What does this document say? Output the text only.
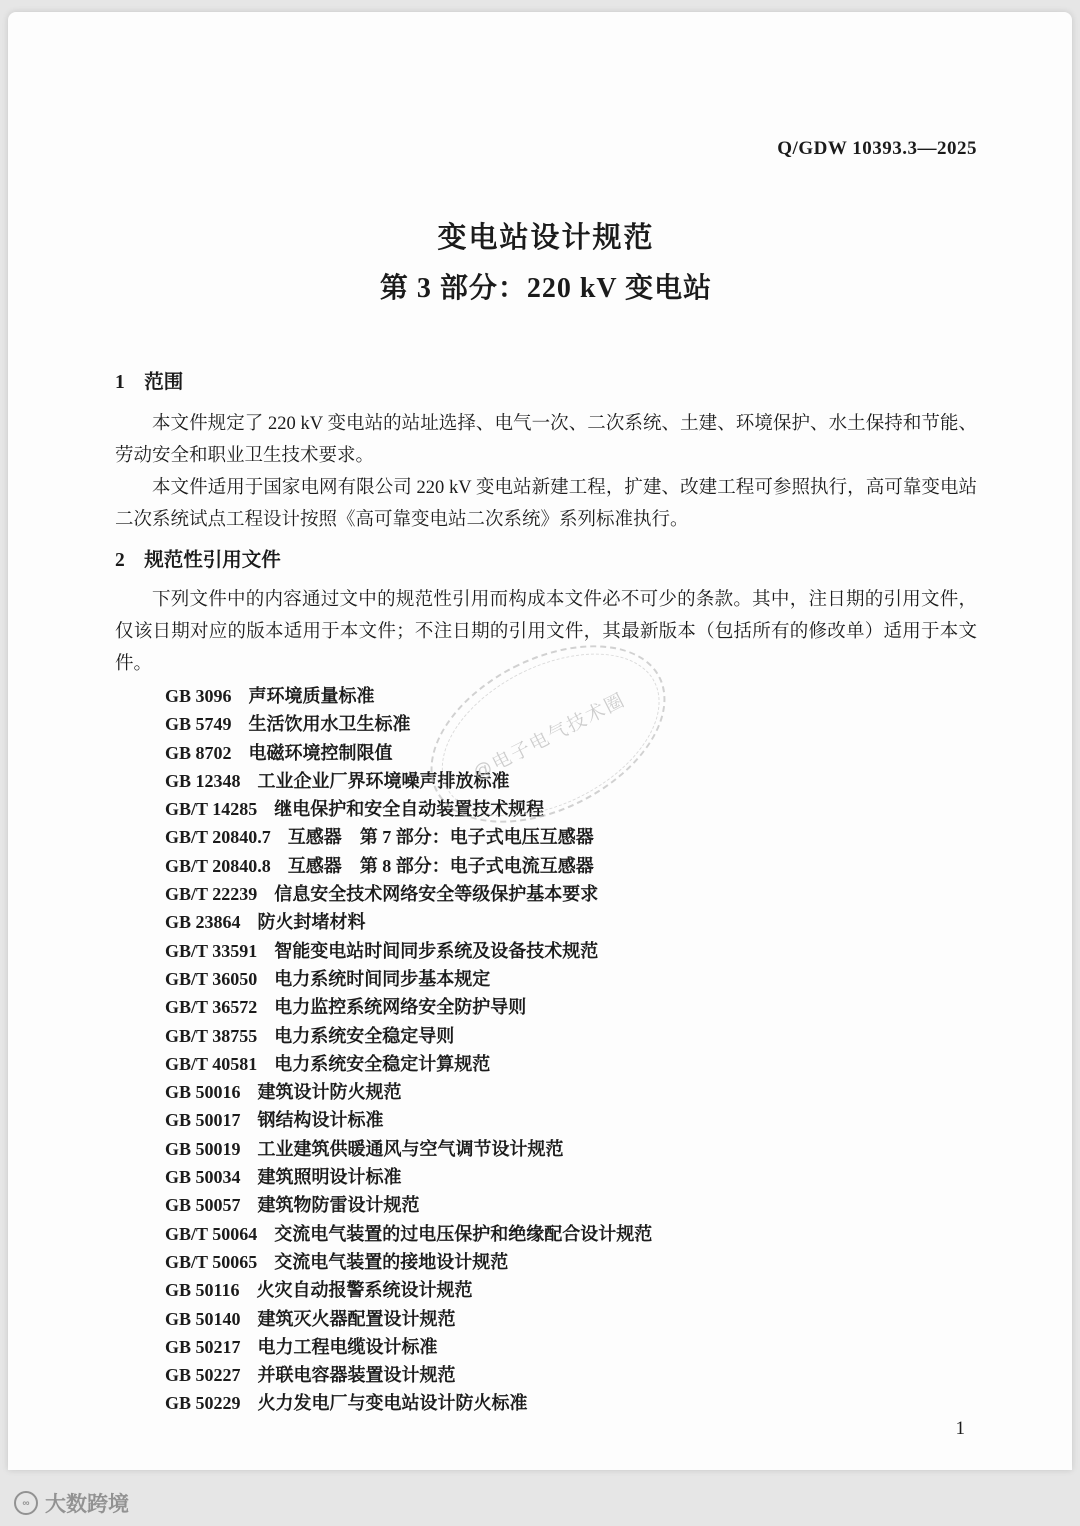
Q/GDW 10393.3—2025
变电站设计规范
第 3 部分：220 kV 变电站
1　范围

本文件规定了 220 kV 变电站的站址选择、电气一次、二次系统、土建、环境保护、水土保持和节能、劳动安全和职业卫生技术要求。

本文件适用于国家电网有限公司 220 kV 变电站新建工程，扩建、改建工程可参照执行，高可靠变电站二次系统试点工程设计按照《高可靠变电站二次系统》系列标准执行。

2　规范性引用文件

下列文件中的内容通过文中的规范性引用而构成本文件必不可少的条款。其中，注日期的引用文件，仅该日期对应的版本适用于本文件；不注日期的引用文件，其最新版本（包括所有的修改单）适用于本文件。

GB 3096 声环境质量标准
GB 5749 生活饮用水卫生标准
GB 8702 电磁环境控制限值
GB 12348 工业企业厂界环境噪声排放标准
GB/T 14285 继电保护和安全自动装置技术规程
GB/T 20840.7 互感器　第 7 部分：电子式电压互感器
GB/T 20840.8 互感器　第 8 部分：电子式电流互感器
GB/T 22239 信息安全技术网络安全等级保护基本要求
GB 23864 防火封堵材料
GB/T 33591 智能变电站时间同步系统及设备技术规范
GB/T 36050 电力系统时间同步基本规定
GB/T 36572 电力监控系统网络安全防护导则
GB/T 38755 电力系统安全稳定导则
GB/T 40581 电力系统安全稳定计算规范
GB 50016 建筑设计防火规范
GB 50017 钢结构设计标准
GB 50019 工业建筑供暖通风与空气调节设计规范
GB 50034 建筑照明设计标准
GB 50057 建筑物防雷设计规范
GB/T 50064 交流电气装置的过电压保护和绝缘配合设计规范
GB/T 50065 交流电气装置的接地设计规范
GB 50116 火灾自动报警系统设计规范
GB 50140 建筑灭火器配置设计规范
GB 50217 电力工程电缆设计标准
GB 50227 并联电容器装置设计规范
GB 50229 火力发电厂与变电站设计防火标准
1
@电子电气技术圈
∞ 大数跨境
